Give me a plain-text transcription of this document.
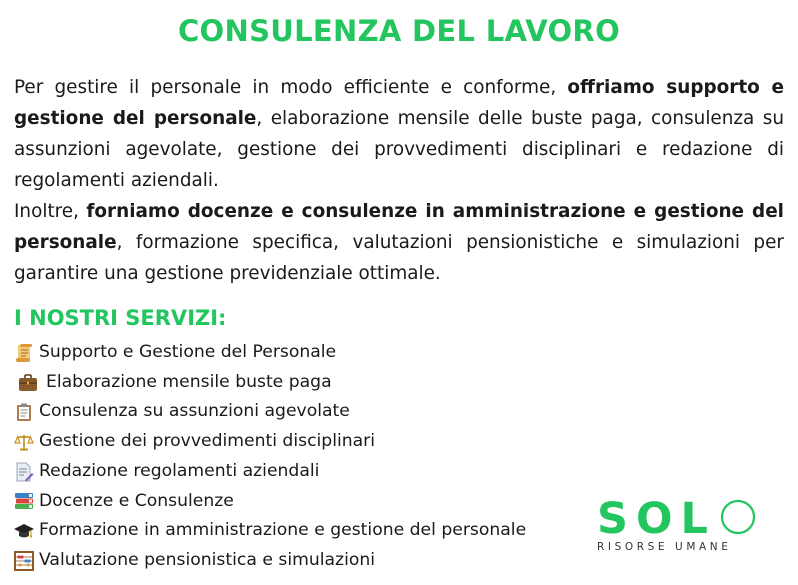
CONSULENZA DEL LAVORO

Per gestire il personale in modo efficiente e conforme, offriamo supporto e gestione del personale, elaborazione mensile delle buste paga, consulenza su assunzioni agevolate, gestione dei provvedimenti disciplinari e redazione di regolamenti aziendali.

Inoltre, forniamo docenze e consulenze in amministrazione e gestione del personale, formazione specifica, valutazioni pensionistiche e simulazioni per garantire una gestione previdenziale ottimale.

I NOSTRI SERVIZI:
Supporto e Gestione del Personale
Elaborazione mensile buste paga
Consulenza su assunzioni agevolate
Gestione dei provvedimenti disciplinari
Redazione regolamenti aziendali
Docenze e Consulenze
Formazione in amministrazione e gestione del personale
Valutazione pensionistica e simulazioni
SOL
RISORSE UMANE
